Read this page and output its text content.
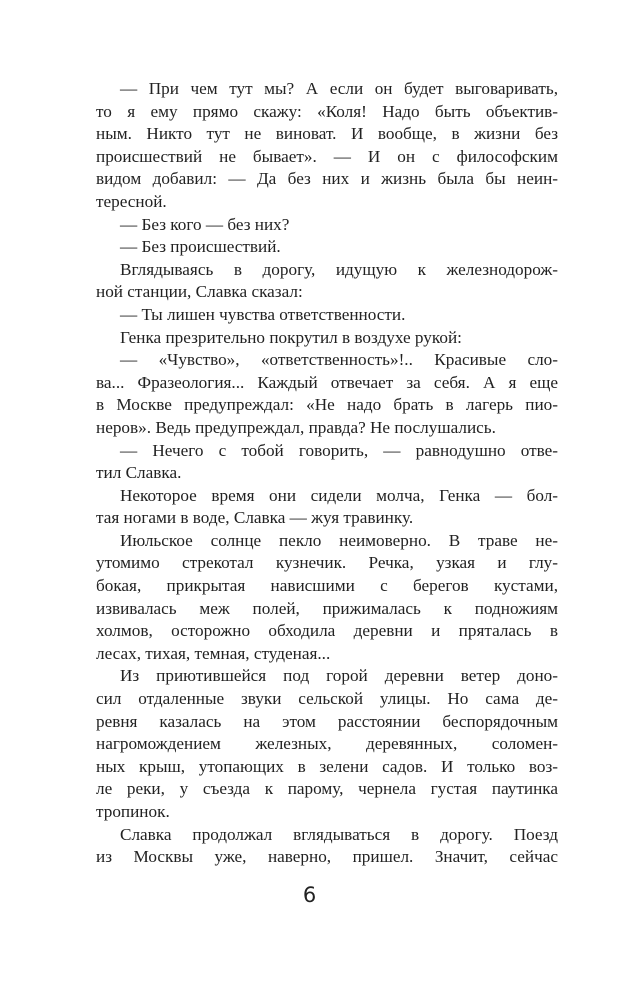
— При чем тут мы? А если он будет выговаривать,
то я ему прямо скажу: «Коля! Надо быть объектив-
ным. Никто тут не виноват. И вообще, в жизни без
происшествий не бывает». — И он с философским
видом добавил: — Да без них и жизнь была бы неин-
тересной.
— Без кого — без них?
— Без происшествий.
Вглядываясь в дорогу, идущую к железнодорож-
ной станции, Славка сказал:
— Ты лишен чувства ответственности.
Генка презрительно покрутил в воздухе рукой:
— «Чувство», «ответственность»!.. Красивые сло-
ва... Фразеология... Каждый отвечает за себя. А я еще
в Москве предупреждал: «Не надо брать в лагерь пио-
неров». Ведь предупреждал, правда? Не послушались.
— Нечего с тобой говорить, — равнодушно отве-
тил Славка.
Некоторое время они сидели молча, Генка — бол-
тая ногами в воде, Славка — жуя травинку.
Июльское солнце пекло неимоверно. В траве не-
утомимо стрекотал кузнечик. Речка, узкая и глу-
бокая, прикрытая нависшими с берегов кустами,
извивалась меж полей, прижималась к подножиям
холмов, осторожно обходила деревни и пряталась в
лесах, тихая, темная, студеная...
Из приютившейся под горой деревни ветер доно-
сил отдаленные звуки сельской улицы. Но сама де-
ревня казалась на этом расстоянии беспорядочным
нагромождением железных, деревянных, соломен-
ных крыш, утопающих в зелени садов. И только воз-
ле реки, у съезда к парому, чернела густая паутинка
тропинок.
Славка продолжал вглядываться в дорогу. Поезд
из Москвы уже, наверно, пришел. Значит, сейчас
6
